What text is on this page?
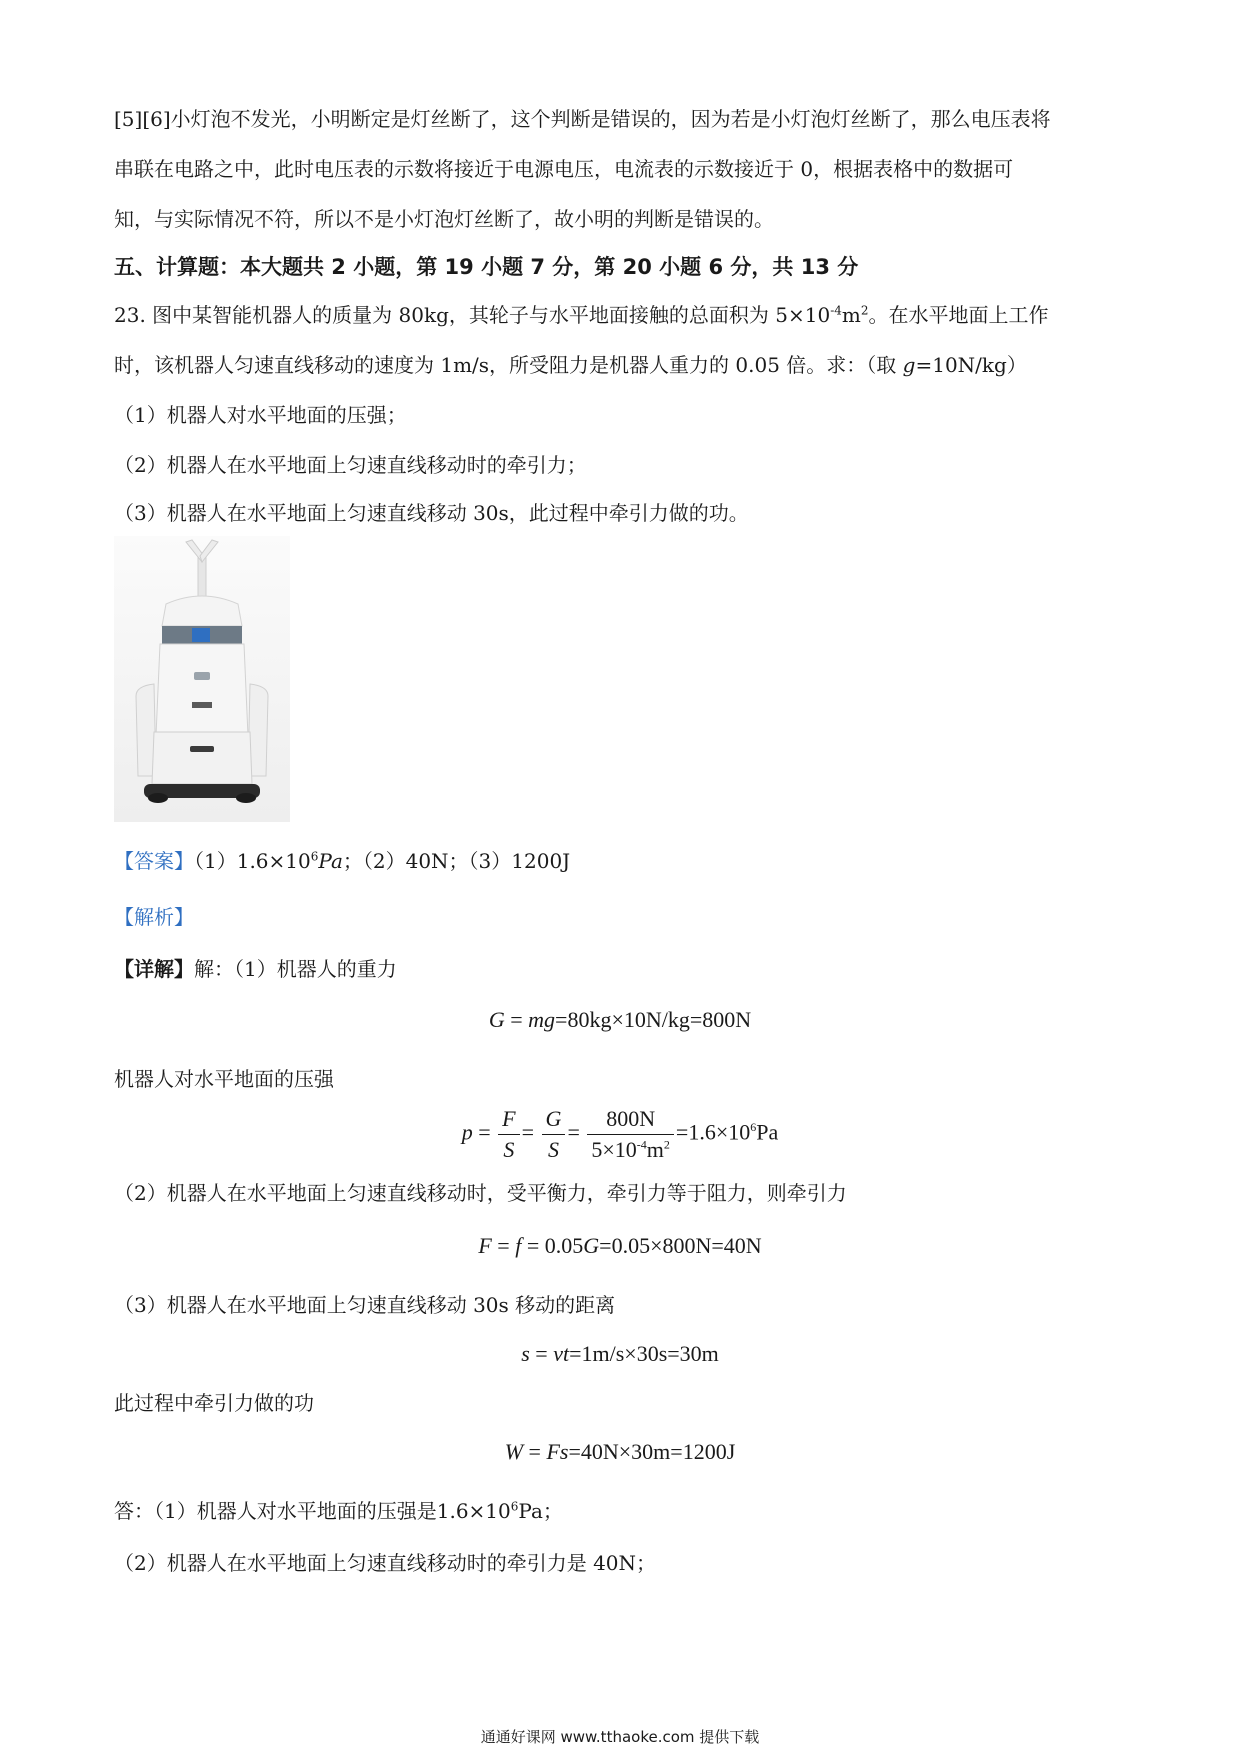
[5][6]小灯泡不发光，小明断定是灯丝断了，这个判断是错误的，因为若是小灯泡灯丝断了，那么电压表将
串联在电路之中，此时电压表的示数将接近于电源电压，电流表的示数接近于 0，根据表格中的数据可
知，与实际情况不符，所以不是小灯泡灯丝断了，故小明的判断是错误的。
五、计算题：本大题共 2 小题，第 19 小题 7 分，第 20 小题 6 分，共 13 分
23. 图中某智能机器人的质量为 80kg，其轮子与水平地面接触的总面积为 $5\times 10^{-4}m^2$。在水平地面上工作
时，该机器人匀速直线移动的速度为 1m/s，所受阻力是机器人重力的 0.05 倍。求：（取 g=10N/kg）
（1）机器人对水平地面的压强；
（2）机器人在水平地面上匀速直线移动时的牵引力；
（3）机器人在水平地面上匀速直线移动 30s，此过程中牵引力做的功。
【答案】$(1)1.6\times 10^6Pa$；（2）40N；（3）1200J
【解析】
【详解】解：（1）机器人的重力
G = mg=80kg×10N/kg=800N
机器人对水平地面的压强
$p = \frac{F}{S} = \frac{G}{S} = \frac{800N}{5\times 10^{-4}m^2} =1.6\times 10^6Pa$
（2）机器人在水平地面上匀速直线移动时，受平衡力，牵引力等于阻力，则牵引力
F = f = 0.05G=0.05×800N=40N
（3）机器人在水平地面上匀速直线移动 30s 移动的距离
s = vt=1m/s×30s=30m
此过程中牵引力做的功
W = Fs=40N×30m=1200J
答：（1）机器人对水平地面的压强是$1.6\times 10^6Pa$；
（2）机器人在水平地面上匀速直线移动时的牵引力是 40N；
通通好课网 www.tthaoke.com 提供下载
